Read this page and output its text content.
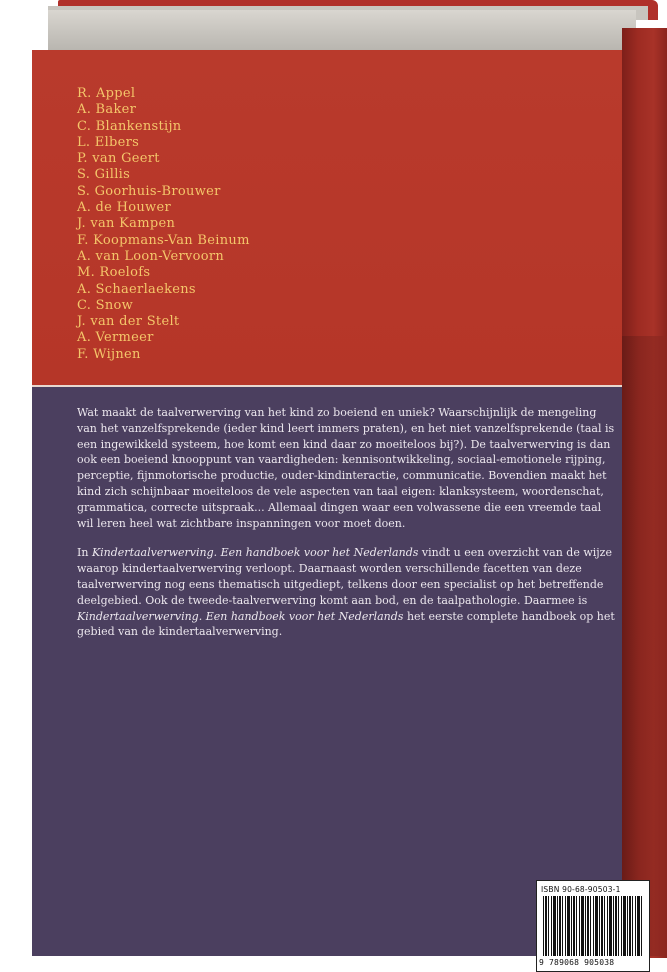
R. Appel
A. Baker
C. Blankenstijn
L. Elbers
P. van Geert
S. Gillis
S. Goorhuis-Brouwer
A. de Houwer
J. van Kampen
F. Koopmans-Van Beinum
A. van Loon-Vervoorn
M. Roelofs
A. Schaerlaekens
C. Snow
J. van der Stelt
A. Vermeer
F. Wijnen

Wat maakt de taalverwerving van het kind zo boeiend en uniek? Waarschijnlijk de mengeling van het vanzelfsprekende (ieder kind leert immers praten), en het niet vanzelfsprekende (taal is een ingewikkeld systeem, hoe komt een kind daar zo moeiteloos bij?). De taalverwerving is dan ook een boeiend knooppunt van vaardigheden: kennisontwikkeling, sociaal-emotionele rijping, perceptie, fijnmotorische productie, ouder-kindinteractie, communicatie. Bovendien maakt het kind zich schijnbaar moeiteloos de vele aspecten van taal eigen: klanksysteem, woordenschat, grammatica, correcte uitspraak... Allemaal dingen waar een volwassene die een vreemde taal wil leren heel wat zichtbare inspanningen voor moet doen.

In Kindertaalverwerving. Een handboek voor het Nederlands vindt u een overzicht van de wijze waarop kindertaalverwerving verloopt. Daarnaast worden verschillende facetten van deze taalverwerving nog eens thematisch uitgediept, telkens door een specialist op het betreffende deelgebied. Ook de tweede-taalverwerving komt aan bod, en de taalpathologie. Daarmee is Kindertaalverwerving. Een handboek voor het Nederlands het eerste complete handboek op het gebied van de kindertaalverwerving.

ISBN 90-68-90503-1
9 789068 905038
